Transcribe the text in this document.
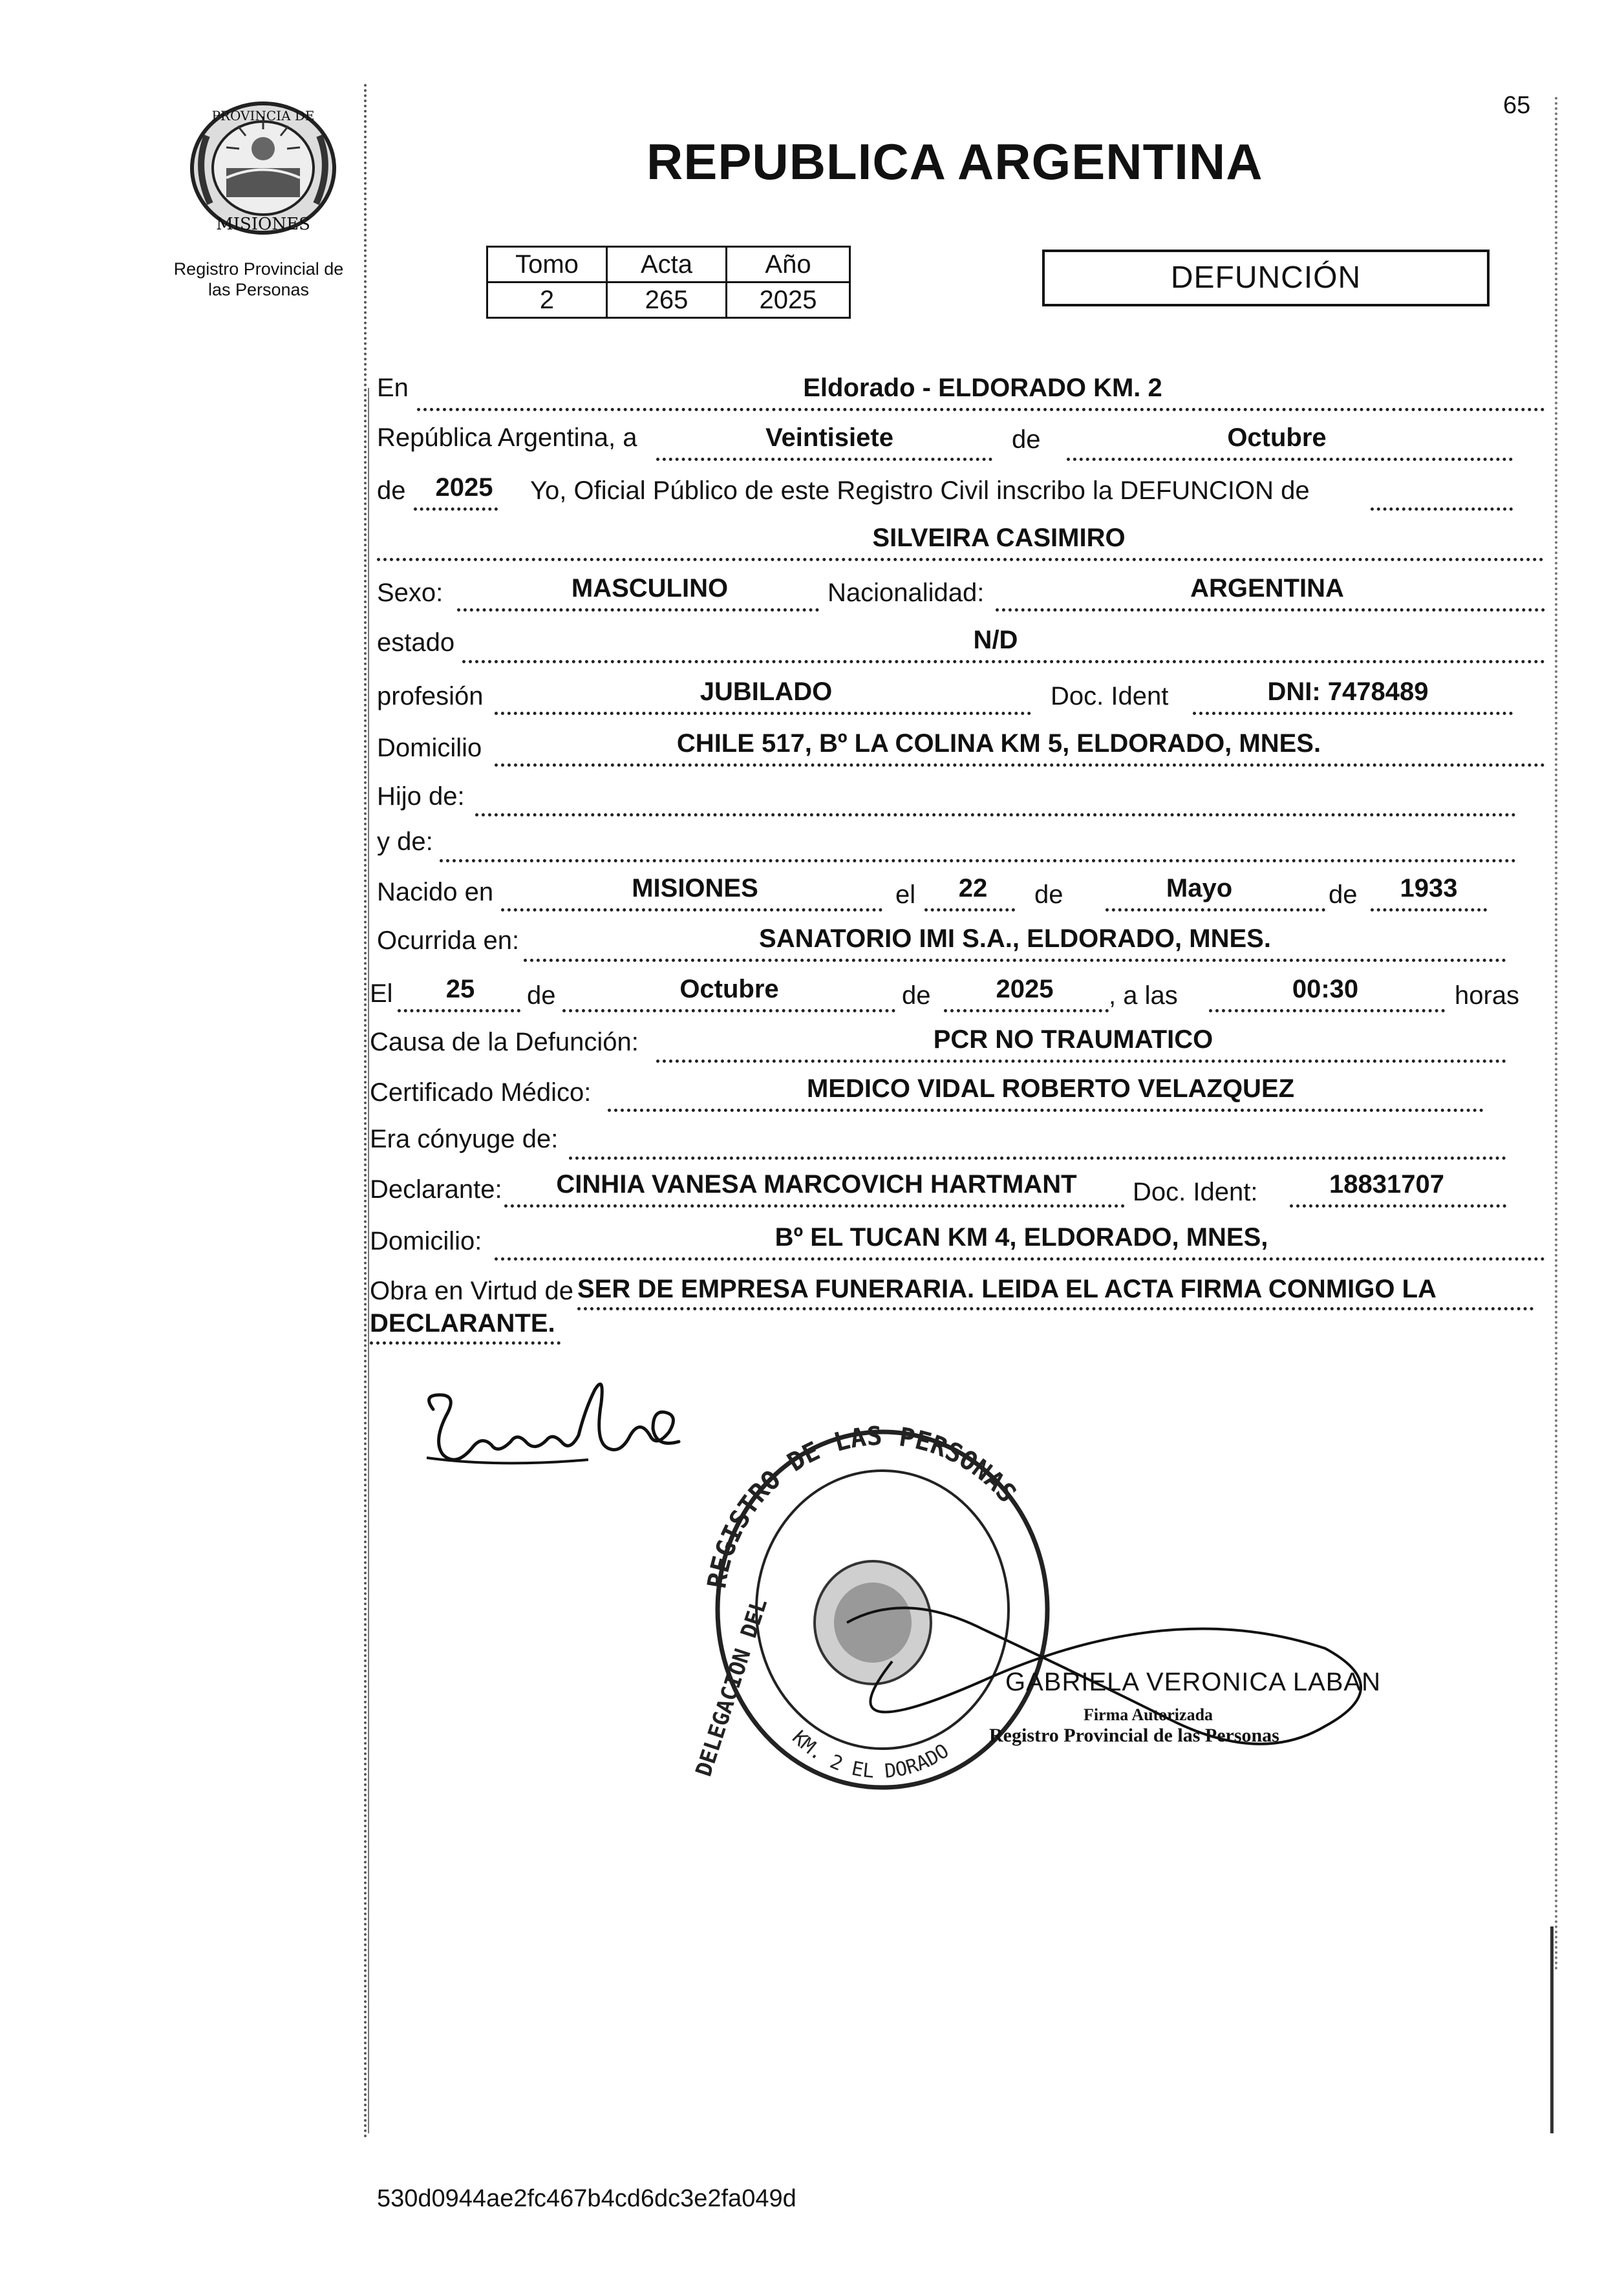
PROVINCIA DE
MISIONES
Registro Provincial de
las Personas
65
REPUBLICA ARGENTINA
Tomo	Acta	Año
2	265	2025
DEFUNCIÓN
En	Eldorado - ELDORADO KM. 2
República Argentina, a	Veintisiete	de	Octubre
de 2025 Yo, Oficial Público de este Registro Civil inscribo la DEFUNCION de
SILVEIRA CASIMIRO
Sexo:	MASCULINO	Nacionalidad:	ARGENTINA
estado	N/D
profesión	JUBILADO	Doc. Ident	DNI: 7478489
Domicilio	CHILE 517, Bº LA COLINA KM 5, ELDORADO, MNES.
Hijo de:
y de:
Nacido en	MISIONES	el 22 de	Mayo	de 1933
Ocurrida en:	SANATORIO IMI S.A., ELDORADO, MNES.
El 25 de	Octubre	de	2025 , a las	00:30	horas
Causa de la Defunción:	PCR NO TRAUMATICO
Certificado Médico:	MEDICO VIDAL ROBERTO VELAZQUEZ
Era cónyuge de:
Declarante: CINHIA VANESA MARCOVICH HARTMANT Doc. Ident:	18831707
Domicilio:	Bº EL TUCAN KM 4, ELDORADO, MNES,
Obra en Virtud de SER DE EMPRESA FUNERARIA. LEIDA EL ACTA FIRMA CONMIGO LA
DECLARANTE.
REGISTRO DE LAS PERSONAS
DELEGACIÓN DEL KM. 2 EL DORADO
GABRIELA VERONICA LABAN
Firma Autorizada
Registro Provincial de las Personas
530d0944ae2fc467b4cd6dc3e2fa049d
